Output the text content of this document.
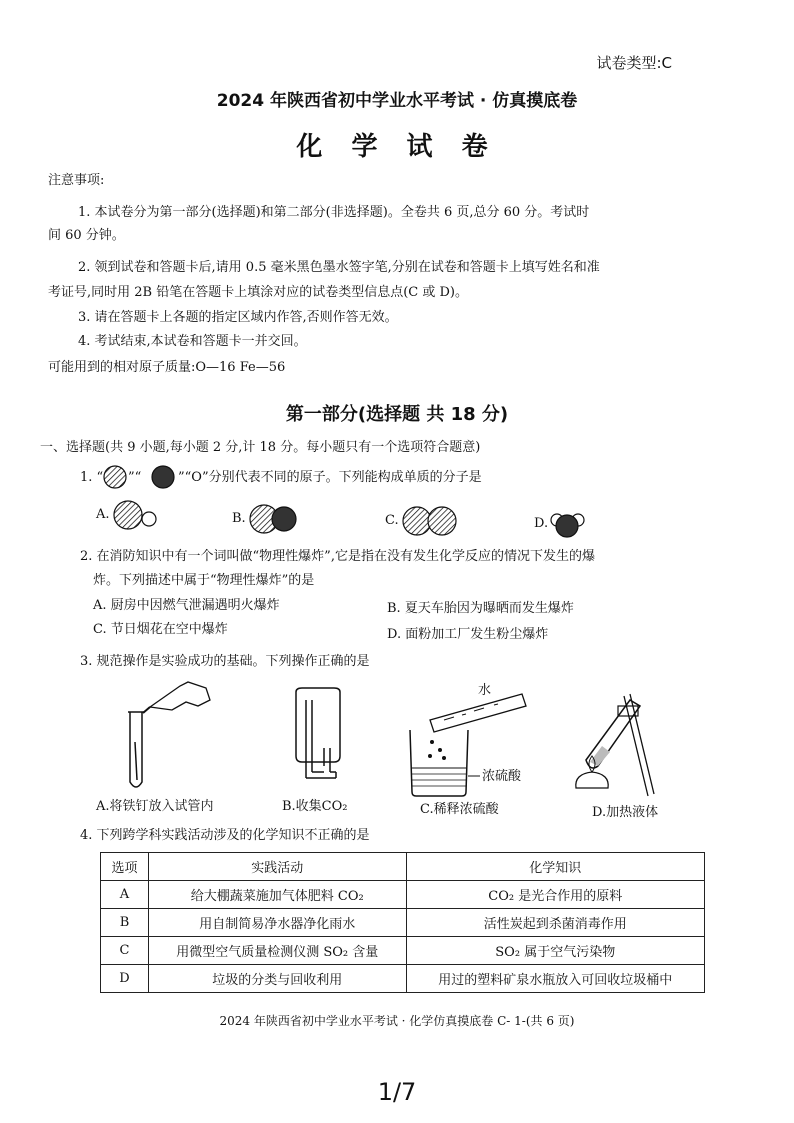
试卷类型:C
2024 年陕西省初中学业水平考试 · 仿真摸底卷
化 学 试 卷
注意事项:
1. 本试卷分为第一部分(选择题)和第二部分(非选择题)。全卷共 6 页,总分 60 分。考试时
间 60 分钟。
2. 领到试卷和答题卡后,请用 0.5 毫米黑色墨水签字笔,分别在试卷和答题卡上填写姓名和准
考证号,同时用 2B 铅笔在答题卡上填涂对应的试卷类型信息点(C 或 D)。
3. 请在答题卡上各题的指定区域内作答,否则作答无效。
4. 考试结束,本试卷和答题卡一并交回。
可能用到的相对原子质量:O—16 Fe—56
第一部分(选择题 共 18 分)
一、选择题(共 9 小题,每小题 2 分,计 18 分。每小题只有一个选项符合题意)
1. “ ”“	”“O”分别代表不同的原子。下列能构成单质的分子是
A.	B.	C.	D.
2. 在消防知识中有一个词叫做“物理性爆炸”,它是指在没有发生化学反应的情况下发生的爆
炸。下列描述中属于“物理性爆炸”的是
A. 厨房中因燃气泄漏遇明火爆炸	B. 夏天车胎因为曝晒而发生爆炸
C. 节日烟花在空中爆炸	D. 面粉加工厂发生粉尘爆炸
3. 规范操作是实验成功的基础。下列操作正确的是
水
浓硫酸
A.将铁钉放入试管内	B.收集CO₂	C.稀释浓硫酸	D.加热液体
4. 下列跨学科实践活动涉及的化学知识不正确的是
选项	实践活动	化学知识
A	给大棚蔬菜施加气体肥料 CO₂	CO₂ 是光合作用的原料
B	用自制简易净水器净化雨水	活性炭起到杀菌消毒作用
C	用微型空气质量检测仪测 SO₂ 含量	SO₂ 属于空气污染物
D	垃圾的分类与回收利用	用过的塑料矿泉水瓶放入可回收垃圾桶中
2024 年陕西省初中学业水平考试 · 化学仿真摸底卷 C- 1-(共 6 页)
1/7
